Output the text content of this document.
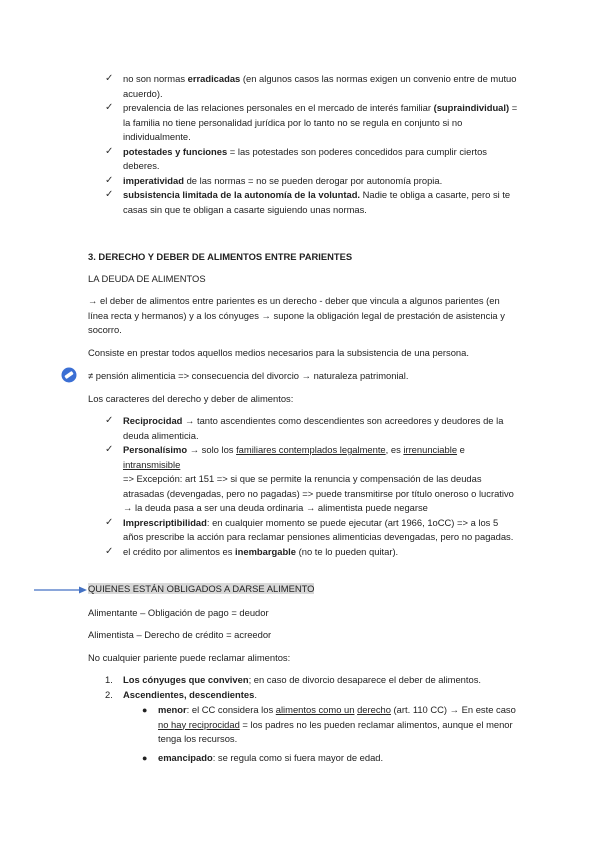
✓ no son normas erradicadas (en algunos casos las normas exigen un convenio entre de mutuo acuerdo).
✓ prevalencia de las relaciones personales en el mercado de interés familiar (supraindividual) = la familia no tiene personalidad jurídica por lo tanto no se regula en conjunto si no individualmente.
✓ potestades y funciones = las potestades son poderes concedidos para cumplir ciertos deberes.
✓ imperatividad de las normas = no se pueden derogar por autonomía propia.
✓ subsistencia limitada de la autonomía de la voluntad. Nadie te obliga a casarte, pero si te casas sin que te obligan a casarte siguiendo unas normas.

3. DERECHO Y DEBER DE ALIMENTOS ENTRE PARIENTES

LA DEUDA DE ALIMENTOS

→ el deber de alimentos entre parientes es un derecho - deber que vincula a algunos parientes (en línea recta y hermanos) y a los cónyuges → supone la obligación legal de prestación de asistencia y socorro.

Consiste en prestar todos aquellos medios necesarios para la subsistencia de una persona.

≠ pensión alimenticia => consecuencia del divorcio → naturaleza patrimonial.

Los caracteres del derecho y deber de alimentos:

✓ Reciprocidad → tanto ascendientes como descendientes son acreedores y deudores de la deuda alimenticia.
✓ Personalísimo → solo los familiares contemplados legalmente, es irrenunciable e intransmisible
=> Excepción: art 151 => si que se permite la renuncia y compensación de las deudas atrasadas (devengadas, pero no pagadas) => puede transmitirse por título oneroso o lucrativo → la deuda pasa a ser una deuda ordinaria → alimentista puede negarse
✓ Imprescriptibilidad: en cualquier momento se puede ejecutar (art 1966, 1oCC) => a los 5 años prescribe la acción para reclamar pensiones alimenticias devengadas, pero no pagadas.
✓ el crédito por alimentos es inembargable (no te lo pueden quitar).

QUIENES ESTÁN OBLIGADOS A DARSE ALIMENTO

Alimentante – Obligación de pago = deudor

Alimentista – Derecho de crédito = acreedor

No cualquier pariente puede reclamar alimentos:

1. Los cónyuges que conviven; en caso de divorcio desaparece el deber de alimentos.
2. Ascendientes, descendientes.
● menor: el CC considera los alimentos como un derecho (art. 110 CC) → En este caso no hay reciprocidad = los padres no les pueden reclamar alimentos, aunque el menor tenga los recursos.
● emancipado: se regula como si fuera mayor de edad.
